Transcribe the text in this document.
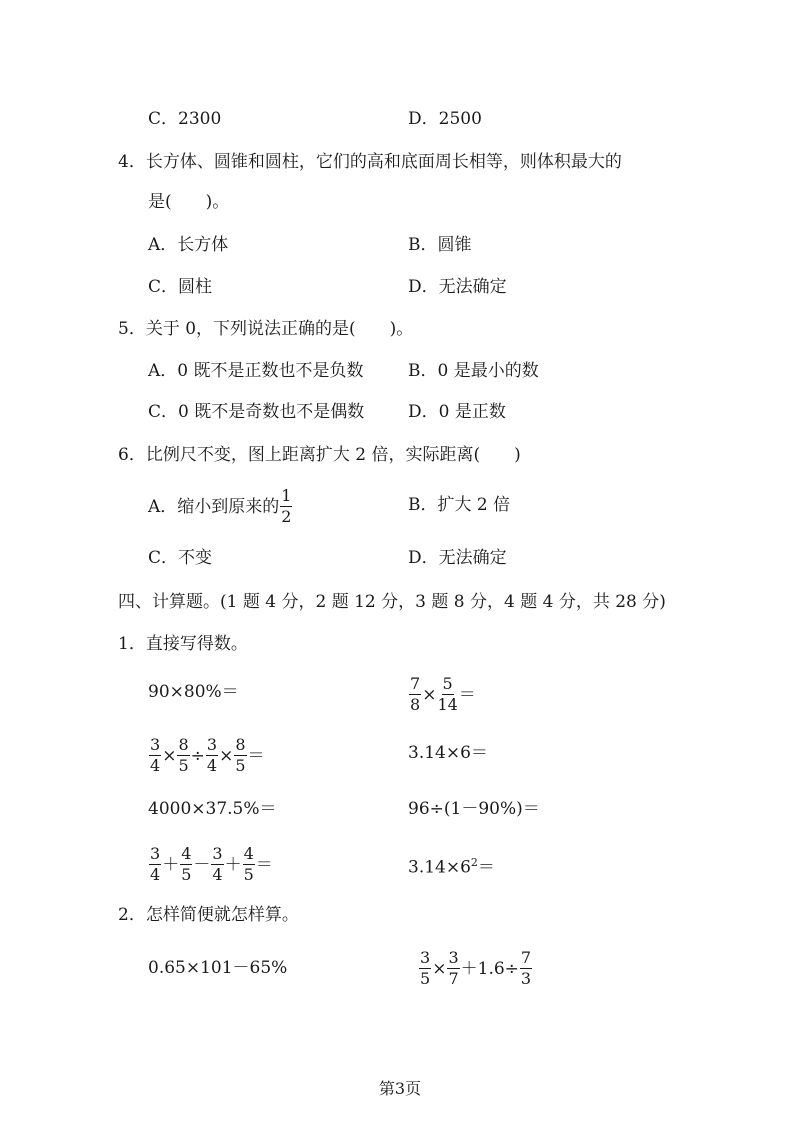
C．2300	D．2500
4．长方体、圆锥和圆柱，它们的高和底面周长相等，则体积最大的
是(　　)。
A．长方体	B．圆锥
C．圆柱	D．无法确定
5．关于 0，下列说法正确的是(　　)。
A．0 既不是正数也不是负数	B．0 是最小的数
C．0 既不是奇数也不是偶数	D．0 是正数
6．比例尺不变，图上距离扩大 2 倍，实际距离(　　)
A．缩小到原来的 $\frac{1}{2}$	B．扩大 2 倍
C．不变	D．无法确定
四、计算题。(1 题 4 分，2 题 12 分，3 题 8 分，4 题 4 分，共 28 分)
1．直接写得数。
90×80%＝	$\frac{7}{8} \times \frac{5}{14}$ ＝
$\frac{3}{4} \times \frac{8}{5} \div \frac{3}{4} \times \frac{8}{5}$ ＝	3.14×6＝
4000×37.5%＝	96÷(1－90%)＝
$\frac{3}{4} + \frac{4}{5} - \frac{3}{4} + \frac{4}{5}$ ＝	$3.14\times 6^2=$
2．怎样简便就怎样算。
0.65×101－65%	$\frac{3}{5} \times \frac{3}{7} +1.6\div \frac{7}{3}$
第3页
